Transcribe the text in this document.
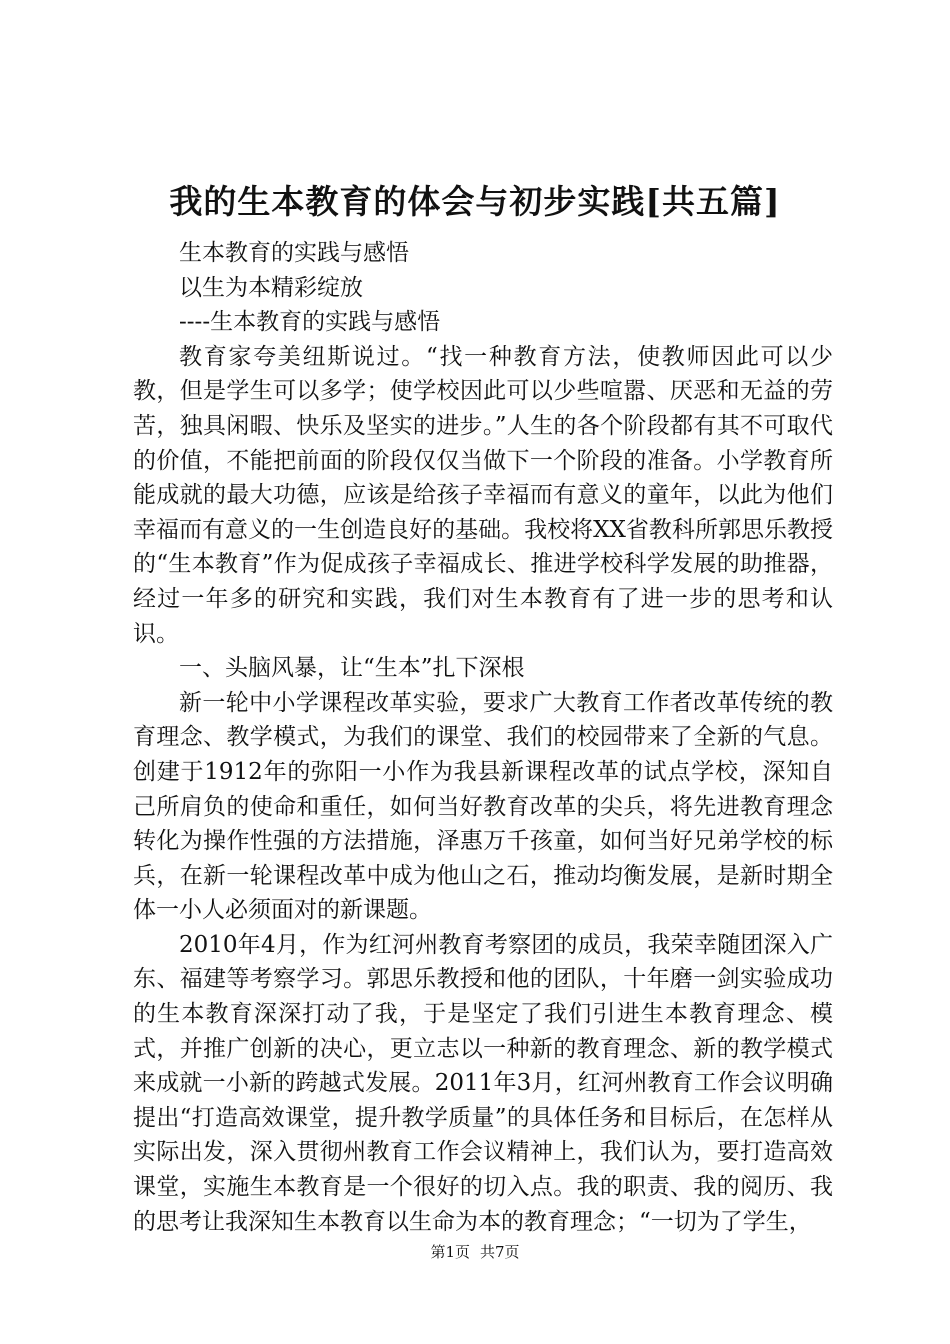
我的生本教育的体会与初步实践[共五篇]

生本教育的实践与感悟

以生为本精彩绽放

----生本教育的实践与感悟

教育家夸美纽斯说过。“找一种教育方法，使教师因此可以少教，但是学生可以多学；使学校因此可以少些喧嚣、厌恶和无益的劳苦，独具闲暇、快乐及坚实的进步。”人生的各个阶段都有其不可取代的价值，不能把前面的阶段仅仅当做下一个阶段的准备。小学教育所能成就的最大功德，应该是给孩子幸福而有意义的童年，以此为他们幸福而有意义的一生创造良好的基础。我校将XX省教科所郭思乐教授的“生本教育”作为促成孩子幸福成长、推进学校科学发展的助推器，经过一年多的研究和实践，我们对生本教育有了进一步的思考和认识。

一、头脑风暴，让“生本”扎下深根

新一轮中小学课程改革实验，要求广大教育工作者改革传统的教育理念、教学模式，为我们的课堂、我们的校园带来了全新的气息。创建于1912年的弥阳一小作为我县新课程改革的试点学校，深知自己所肩负的使命和重任，如何当好教育改革的尖兵，将先进教育理念转化为操作性强的方法措施，泽惠万千孩童，如何当好兄弟学校的标兵，在新一轮课程改革中成为他山之石，推动均衡发展，是新时期全体一小人必须面对的新课题。

2010年4月，作为红河州教育考察团的成员，我荣幸随团深入广东、福建等考察学习。郭思乐教授和他的团队，十年磨一剑实验成功的生本教育深深打动了我，于是坚定了我们引进生本教育理念、模式，并推广创新的决心，更立志以一种新的教育理念、新的教学模式来成就一小新的跨越式发展。2011年3月，红河州教育工作会议明确提出“打造高效课堂，提升教学质量”的具体任务和目标后，在怎样从实际出发，深入贯彻州教育工作会议精神上，我们认为，要打造高效课堂，实施生本教育是一个很好的切入点。我的职责、我的阅历、我的思考让我深知生本教育以生命为本的教育理念；“一切为了学生，

第1页 共7页
